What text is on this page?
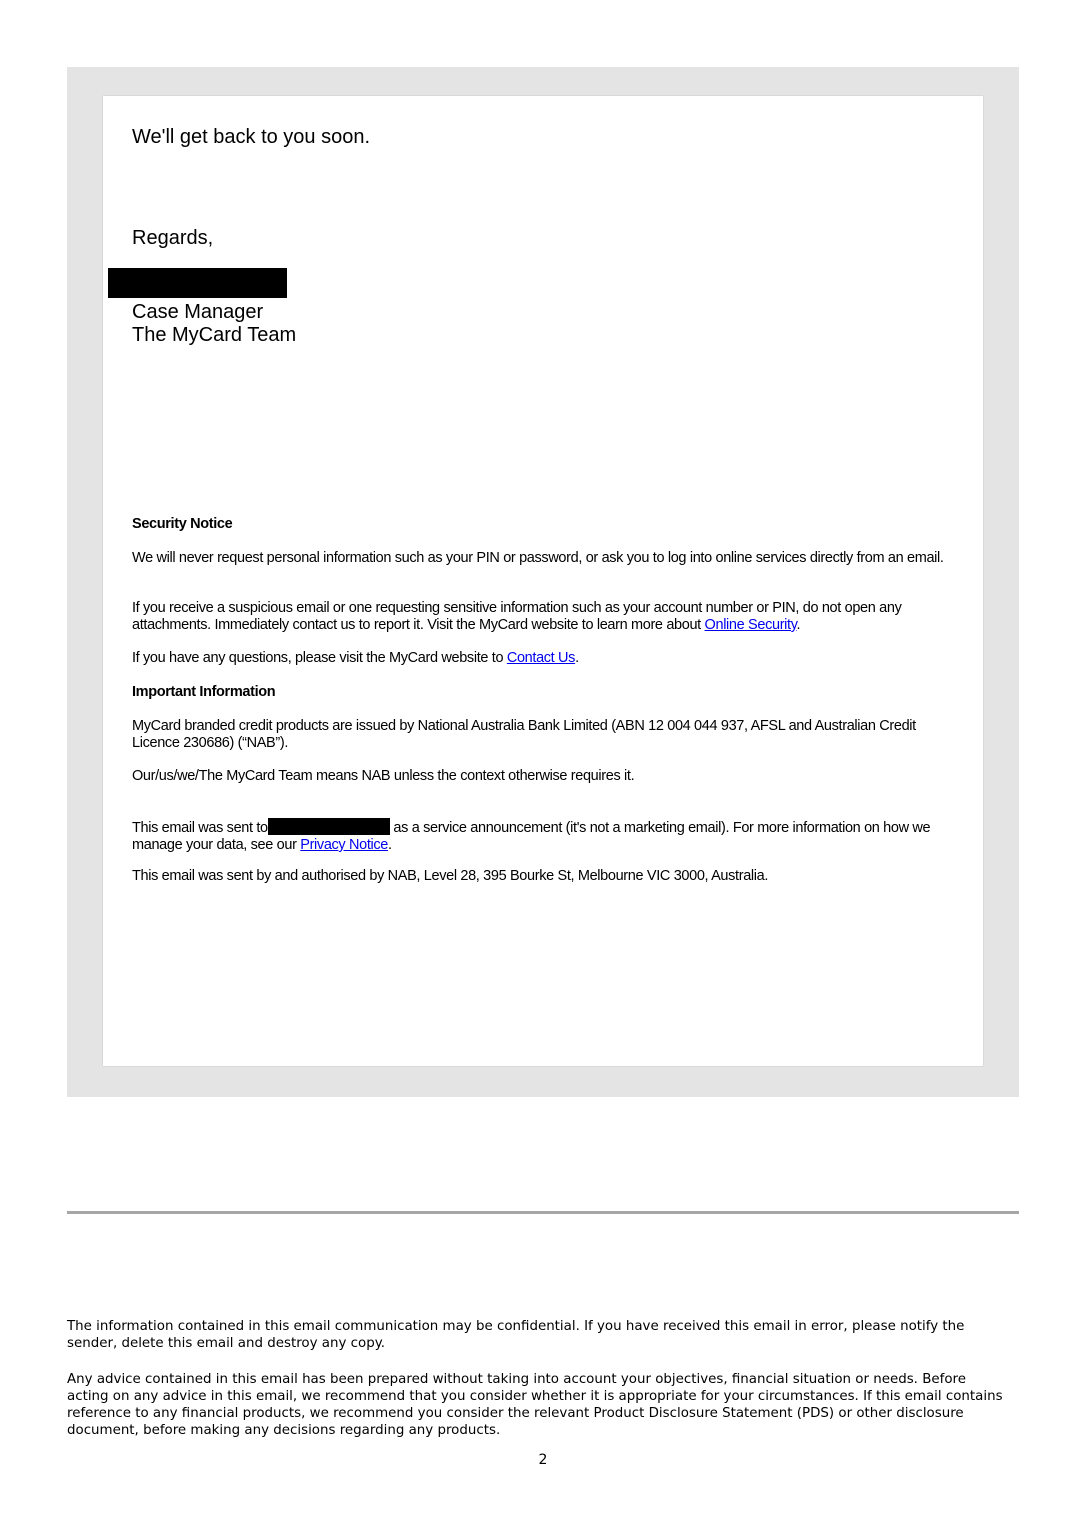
We'll get back to you soon.

Regards,

Case Manager

The MyCard Team

Security Notice

We will never request personal information such as your PIN or password, or ask you to log into online services directly from an email.

If you receive a suspicious email or one requesting sensitive information such as your account number or PIN, do not open any attachments. Immediately contact us to report it. Visit the MyCard website to learn more about Online Security.

If you have any questions, please visit the MyCard website to Contact Us.

Important Information

MyCard branded credit products are issued by National Australia Bank Limited (ABN 12 004 044 937, AFSL and Australian Credit Licence 230686) (“NAB”).

Our/us/we/The MyCard Team means NAB unless the context otherwise requires it.

This email was sent to	as a service announcement (it's not a marketing email). For more information on how we manage your data, see our Privacy Notice.

This email was sent by and authorised by NAB, Level 28, 395 Bourke St, Melbourne VIC 3000, Australia.

The information contained in this email communication may be confidential. If you have received this email in error, please notify the sender, delete this email and destroy any copy.

Any advice contained in this email has been prepared without taking into account your objectives, financial situation or needs. Before acting on any advice in this email, we recommend that you consider whether it is appropriate for your circumstances. If this email contains reference to any financial products, we recommend you consider the relevant Product Disclosure Statement (PDS) or other disclosure document, before making any decisions regarding any products.

2
